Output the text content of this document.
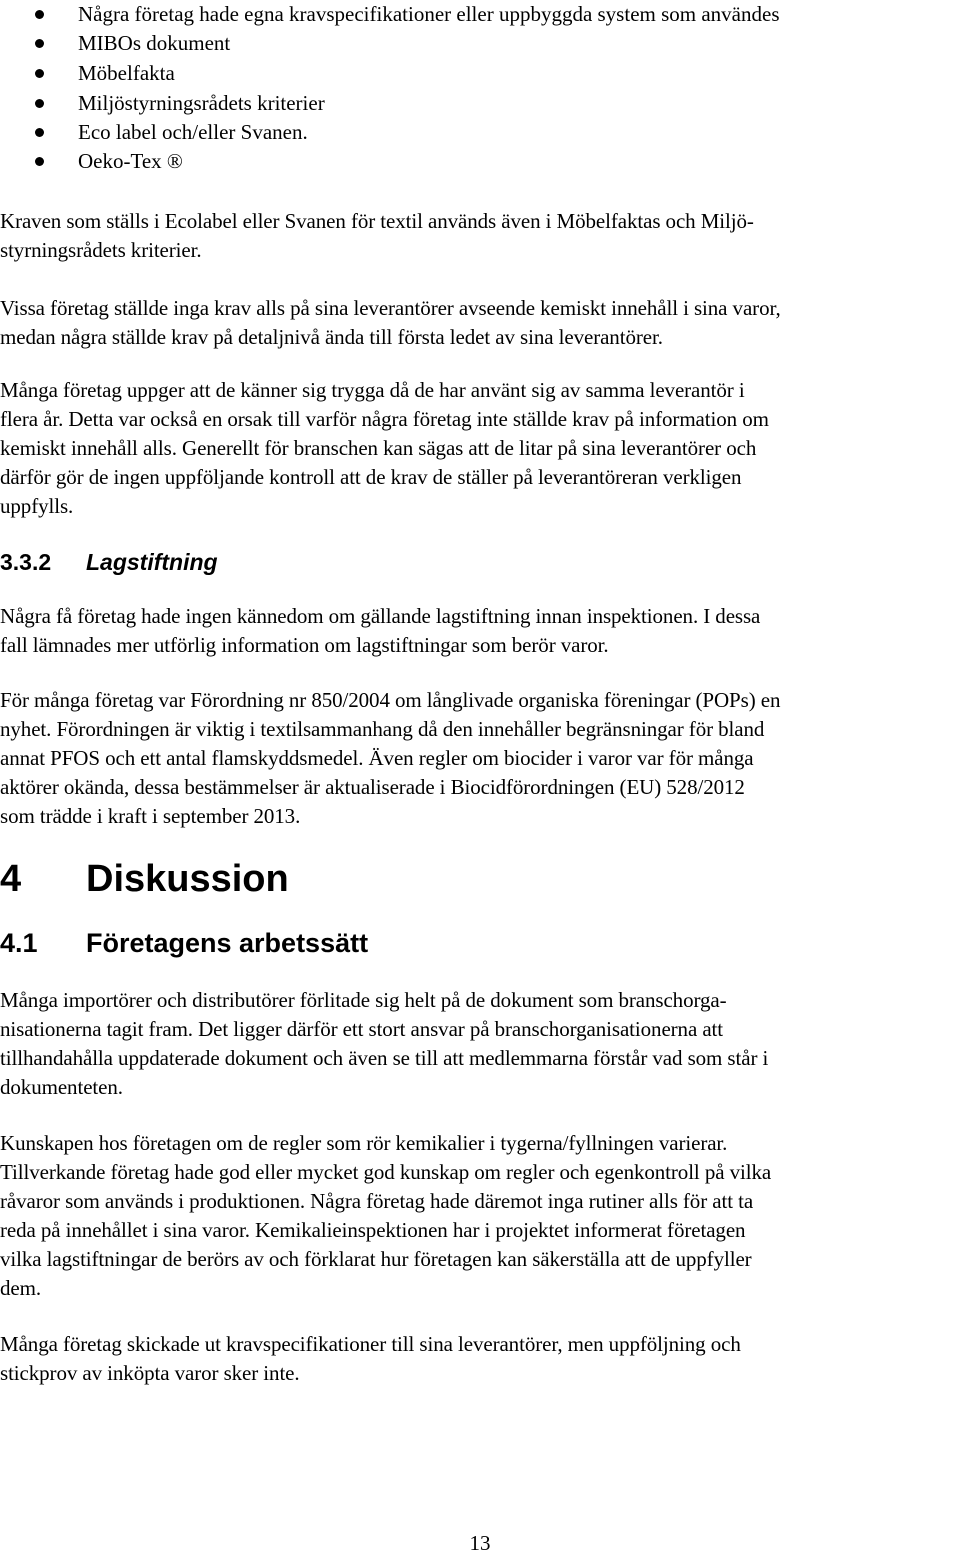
Några företag hade egna kravspecifikationer eller uppbyggda system som användes
MIBOs dokument
Möbelfakta
Miljöstyrningsrådets kriterier
Eco label och/eller Svanen.
Oeko-Tex ®

Kraven som ställs i Ecolabel eller Svanen för textil används även i Möbelfaktas och Miljö-
styrningsrådets kriterier.

Vissa företag ställde inga krav alls på sina leverantörer avseende kemiskt innehåll i sina varor,
medan några ställde krav på detaljnivå ända till första ledet av sina leverantörer.

Många företag uppger att de känner sig trygga då de har använt sig av samma leverantör i
flera år. Detta var också en orsak till varför några företag inte ställde krav på information om
kemiskt innehåll alls. Generellt för branschen kan sägas att de litar på sina leverantörer och
därför gör de ingen uppföljande kontroll att de krav de ställer på leverantöreran verkligen
uppfylls.

3.3.2 Lagstiftning

Några få företag hade ingen kännedom om gällande lagstiftning innan inspektionen. I dessa
fall lämnades mer utförlig information om lagstiftningar som berör varor.

För många företag var Förordning nr 850/2004 om långlivade organiska föreningar (POPs) en
nyhet. Förordningen är viktig i textilsammanhang då den innehåller begränsningar för bland
annat PFOS och ett antal flamskyddsmedel. Även regler om biocider i varor var för många
aktörer okända, dessa bestämmelser är aktualiserade i Biocidförordningen (EU) 528/2012
som trädde i kraft i september 2013.

4 Diskussion
4.1 Företagens arbetssätt

Många importörer och distributörer förlitade sig helt på de dokument som branschorga-
nisationerna tagit fram. Det ligger därför ett stort ansvar på branschorganisationerna att
tillhandahålla uppdaterade dokument och även se till att medlemmarna förstår vad som står i
dokumenteten.

Kunskapen hos företagen om de regler som rör kemikalier i tygerna/fyllningen varierar.
Tillverkande företag hade god eller mycket god kunskap om regler och egenkontroll på vilka
råvaror som används i produktionen. Några företag hade däremot inga rutiner alls för att ta
reda på innehållet i sina varor. Kemikalieinspektionen har i projektet informerat företagen
vilka lagstiftningar de berörs av och förklarat hur företagen kan säkerställa att de uppfyller
dem.

Många företag skickade ut kravspecifikationer till sina leverantörer, men uppföljning och
stickprov av inköpta varor sker inte.

13
